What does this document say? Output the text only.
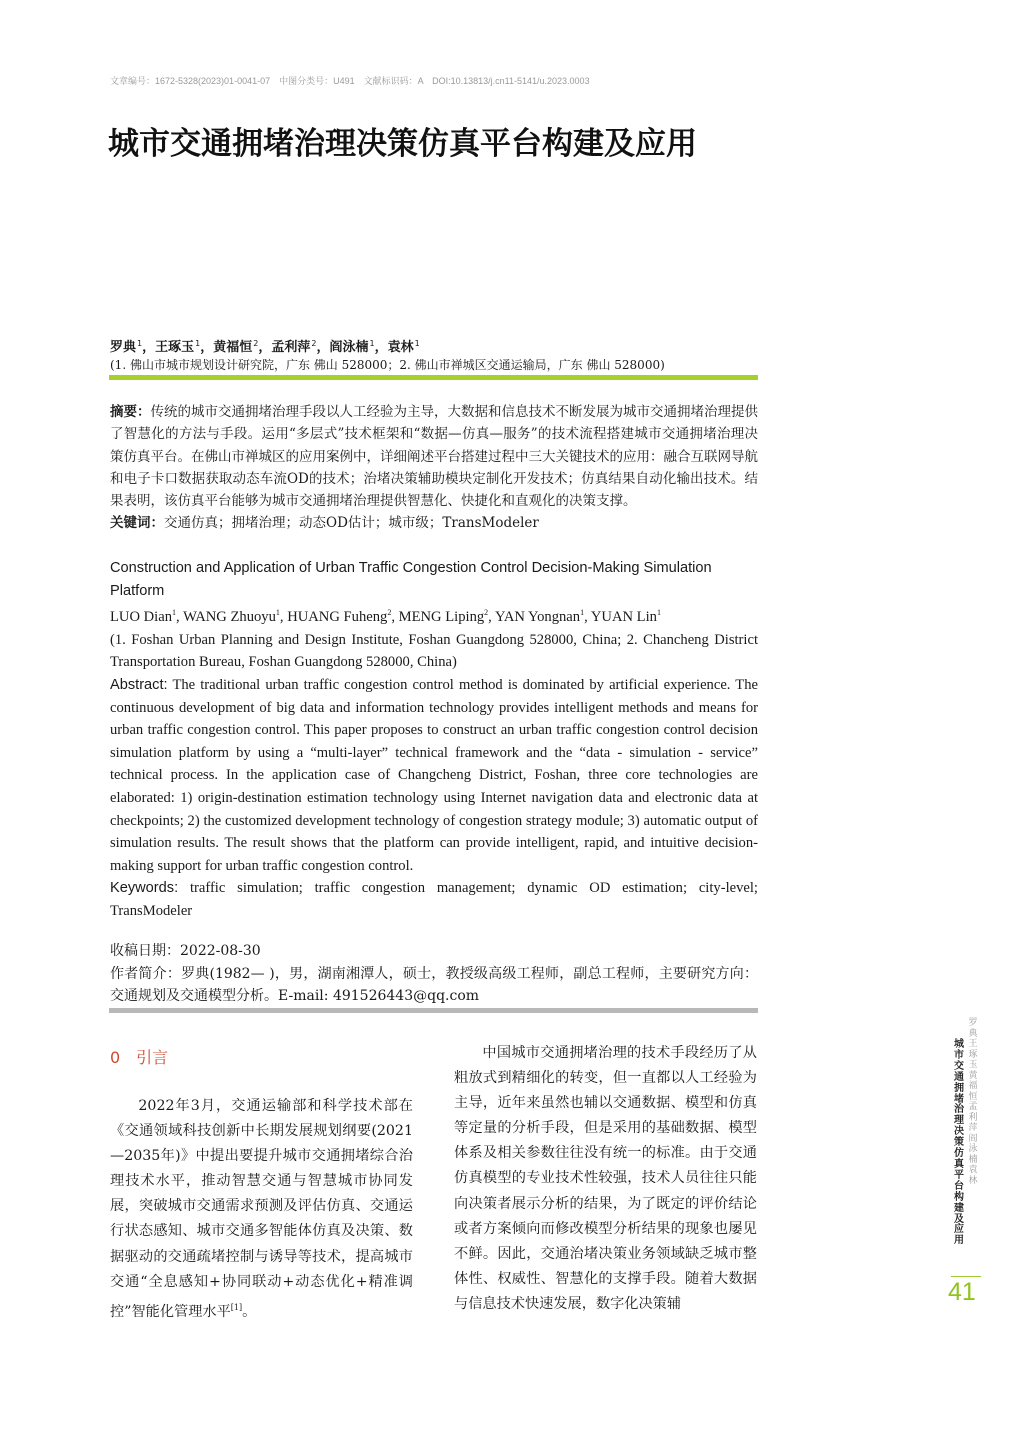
文章编号：1672-5328(2023)01-0041-07　中图分类号：U491　文献标识码：A　DOI:10.13813/j.cn11-5141/u.2023.0003
城市交通拥堵治理决策仿真平台构建及应用
罗典$^1$，王琢玉$^1$，黄福恒$^2$，孟利萍$^2$，阎泳楠$^1$，袁林$^1$
(1. 佛山市城市规划设计研究院，广东 佛山 528000；2. 佛山市禅城区交通运输局，广东 佛山 528000)
摘要：传统的城市交通拥堵治理手段以人工经验为主导，大数据和信息技术不断发展为城市交通拥堵治理提供了智慧化的方法与手段。运用“多层式”技术框架和“数据—仿真—服务”的技术流程搭建城市交通拥堵治理决策仿真平台。在佛山市禅城区的应用案例中，详细阐述平台搭建过程中三大关键技术的应用：融合互联网导航和电子卡口数据获取动态车流OD的技术；治堵决策辅助模块定制化开发技术；仿真结果自动化输出技术。结果表明，该仿真平台能够为城市交通拥堵治理提供智慧化、快捷化和直观化的决策支撑。
关键词：交通仿真；拥堵治理；动态OD估计；城市级；TransModeler
Construction and Application of Urban Traffic Congestion Control Decision-Making Simulation Platform
LUO Dian$^1$, WANG Zhuoyu$^1$, HUANG Fuheng$^2$, MENG Liping$^2$, YAN Yongnan$^1$, YUAN Lin$^1$
(1. Foshan Urban Planning and Design Institute, Foshan Guangdong 528000, China; 2. Chancheng District Transportation Bureau, Foshan Guangdong 528000, China)
Abstract: The traditional urban traffic congestion control method is dominated by artificial experience. The continuous development of big data and information technology provides intelligent methods and means for urban traffic congestion control. This paper proposes to construct an urban traffic congestion control decision simulation platform by using a “multi-layer” technical framework and the “data - simulation - service” technical process. In the application case of Changcheng District, Foshan, three core technologies are elaborated: 1) origin-destination estimation technology using Internet navigation data and electronic data at checkpoints; 2) the customized development technology of congestion strategy module; 3) automatic output of simulation results. The result shows that the platform can provide intelligent, rapid, and intuitive decision-making support for urban traffic congestion control.
Keywords: traffic simulation; traffic congestion management; dynamic OD estimation; city-level; TransModeler
收稿日期：2022-08-30
作者简介：罗典(1982— )，男，湖南湘潭人，硕士，教授级高级工程师，副总工程师，主要研究方向：交通规划及交通模型分析。E-mail: 491526443@qq.com
0　引言
2022年3月，交通运输部和科学技术部在《交通领域科技创新中长期发展规划纲要(2021—2035年)》中提出要提升城市交通拥堵综合治理技术水平，推动智慧交通与智慧城市协同发展，突破城市交通需求预测及评估仿真、交通运行状态感知、城市交通多智能体仿真及决策、数据驱动的交通疏堵控制与诱导等技术，提高城市交通“全息感知+协同联动+动态优化+精准调控”智能化管理水平[1]。
中国城市交通拥堵治理的技术手段经历了从粗放式到精细化的转变，但一直都以人工经验为主导，近年来虽然也辅以交通数据、模型和仿真等定量的分析手段，但是采用的基础数据、模型体系及相关参数往往没有统一的标准。由于交通仿真模型的专业技术性较强，技术人员往往只能向决策者展示分析的结果，为了既定的评价结论或者方案倾向而修改模型分析结果的现象也屡见不鲜。因此，交通治堵决策业务领域缺乏城市整体性、权威性、智慧化的支撑手段。随着大数据与信息技术快速发展，数字化决策辅
罗典 王琢玉 黄福恒 孟利萍 阎泳楠 袁林
城市交通拥堵治理决策仿真平台构建及应用
41
